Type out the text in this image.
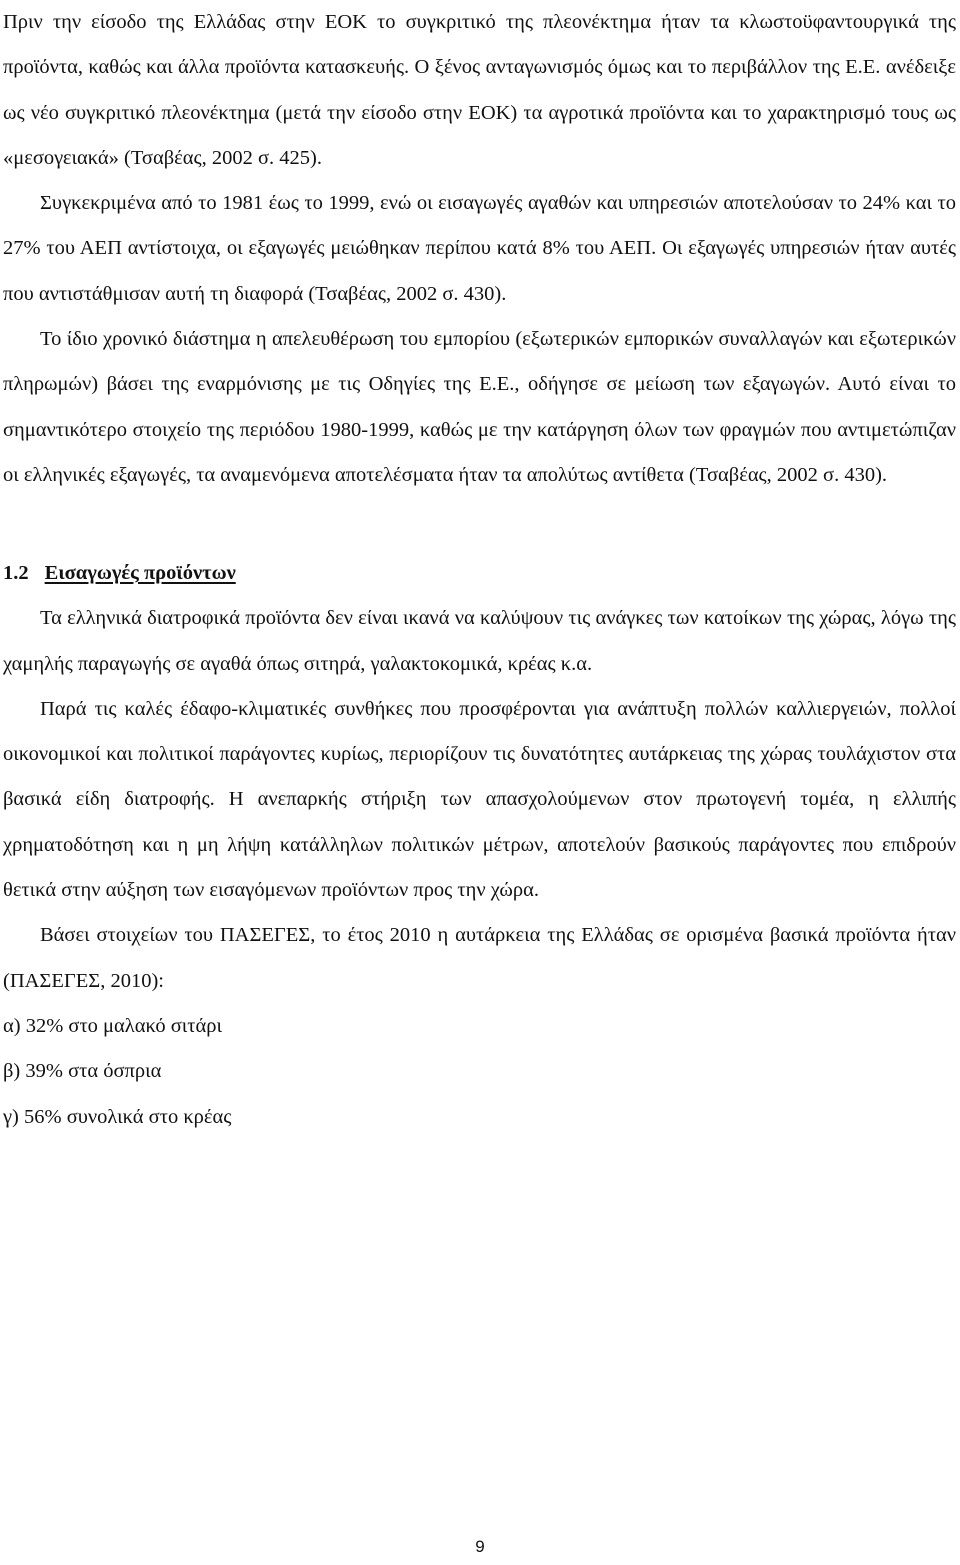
Πριν την είσοδο της Ελλάδας στην ΕΟΚ το συγκριτικό της πλεονέκτημα ήταν τα κλωστοϋφαντουργικά της προϊόντα, καθώς και άλλα προϊόντα κατασκευής. Ο ξένος ανταγωνισμός όμως και το περιβάλλον της Ε.Ε. ανέδειξε ως νέο συγκριτικό πλεονέκτημα (μετά την είσοδο στην ΕΟΚ) τα αγροτικά προϊόντα και το χαρακτηρισμό τους ως «μεσογειακά» (Τσαβέας, 2002 σ. 425).

Συγκεκριμένα από το 1981 έως το 1999, ενώ οι εισαγωγές αγαθών και υπηρεσιών αποτελούσαν το 24% και το 27% του ΑΕΠ αντίστοιχα, οι εξαγωγές μειώθηκαν περίπου κατά 8% του ΑΕΠ. Οι εξαγωγές υπηρεσιών ήταν αυτές που αντιστάθμισαν αυτή τη διαφορά (Τσαβέας, 2002 σ. 430).

Το ίδιο χρονικό διάστημα η απελευθέρωση του εμπορίου (εξωτερικών εμπορικών συναλλαγών και εξωτερικών πληρωμών) βάσει της εναρμόνισης με τις Οδηγίες της Ε.Ε., οδήγησε σε μείωση των εξαγωγών. Αυτό είναι το σημαντικότερο στοιχείο της περιόδου 1980-1999, καθώς με την κατάργηση όλων των φραγμών που αντιμετώπιζαν οι ελληνικές εξαγωγές, τα αναμενόμενα αποτελέσματα ήταν τα απολύτως αντίθετα (Τσαβέας, 2002 σ. 430).

1.2 Εισαγωγές προϊόντων

Τα ελληνικά διατροφικά προϊόντα δεν είναι ικανά να καλύψουν τις ανάγκες των κατοίκων της χώρας, λόγω της χαμηλής παραγωγής σε αγαθά όπως σιτηρά, γαλακτοκομικά, κρέας κ.α.

Παρά τις καλές έδαφο-κλιματικές συνθήκες που προσφέρονται για ανάπτυξη πολλών καλλιεργειών, πολλοί οικονομικοί και πολιτικοί παράγοντες κυρίως, περιορίζουν τις δυνατότητες αυτάρκειας της χώρας τουλάχιστον στα βασικά είδη διατροφής. Η ανεπαρκής στήριξη των απασχολούμενων στον πρωτογενή τομέα, η ελλιπής χρηματοδότηση και η μη λήψη κατάλληλων πολιτικών μέτρων, αποτελούν βασικούς παράγοντες που επιδρούν θετικά στην αύξηση των εισαγόμενων προϊόντων προς την χώρα.

Βάσει στοιχείων του ΠΑΣΕΓΕΣ, το έτος 2010 η αυτάρκεια της Ελλάδας σε ορισμένα βασικά προϊόντα ήταν (ΠΑΣΕΓΕΣ, 2010):

α) 32% στο μαλακό σιτάρι

β) 39% στα όσπρια

γ) 56% συνολικά στο κρέας

9
